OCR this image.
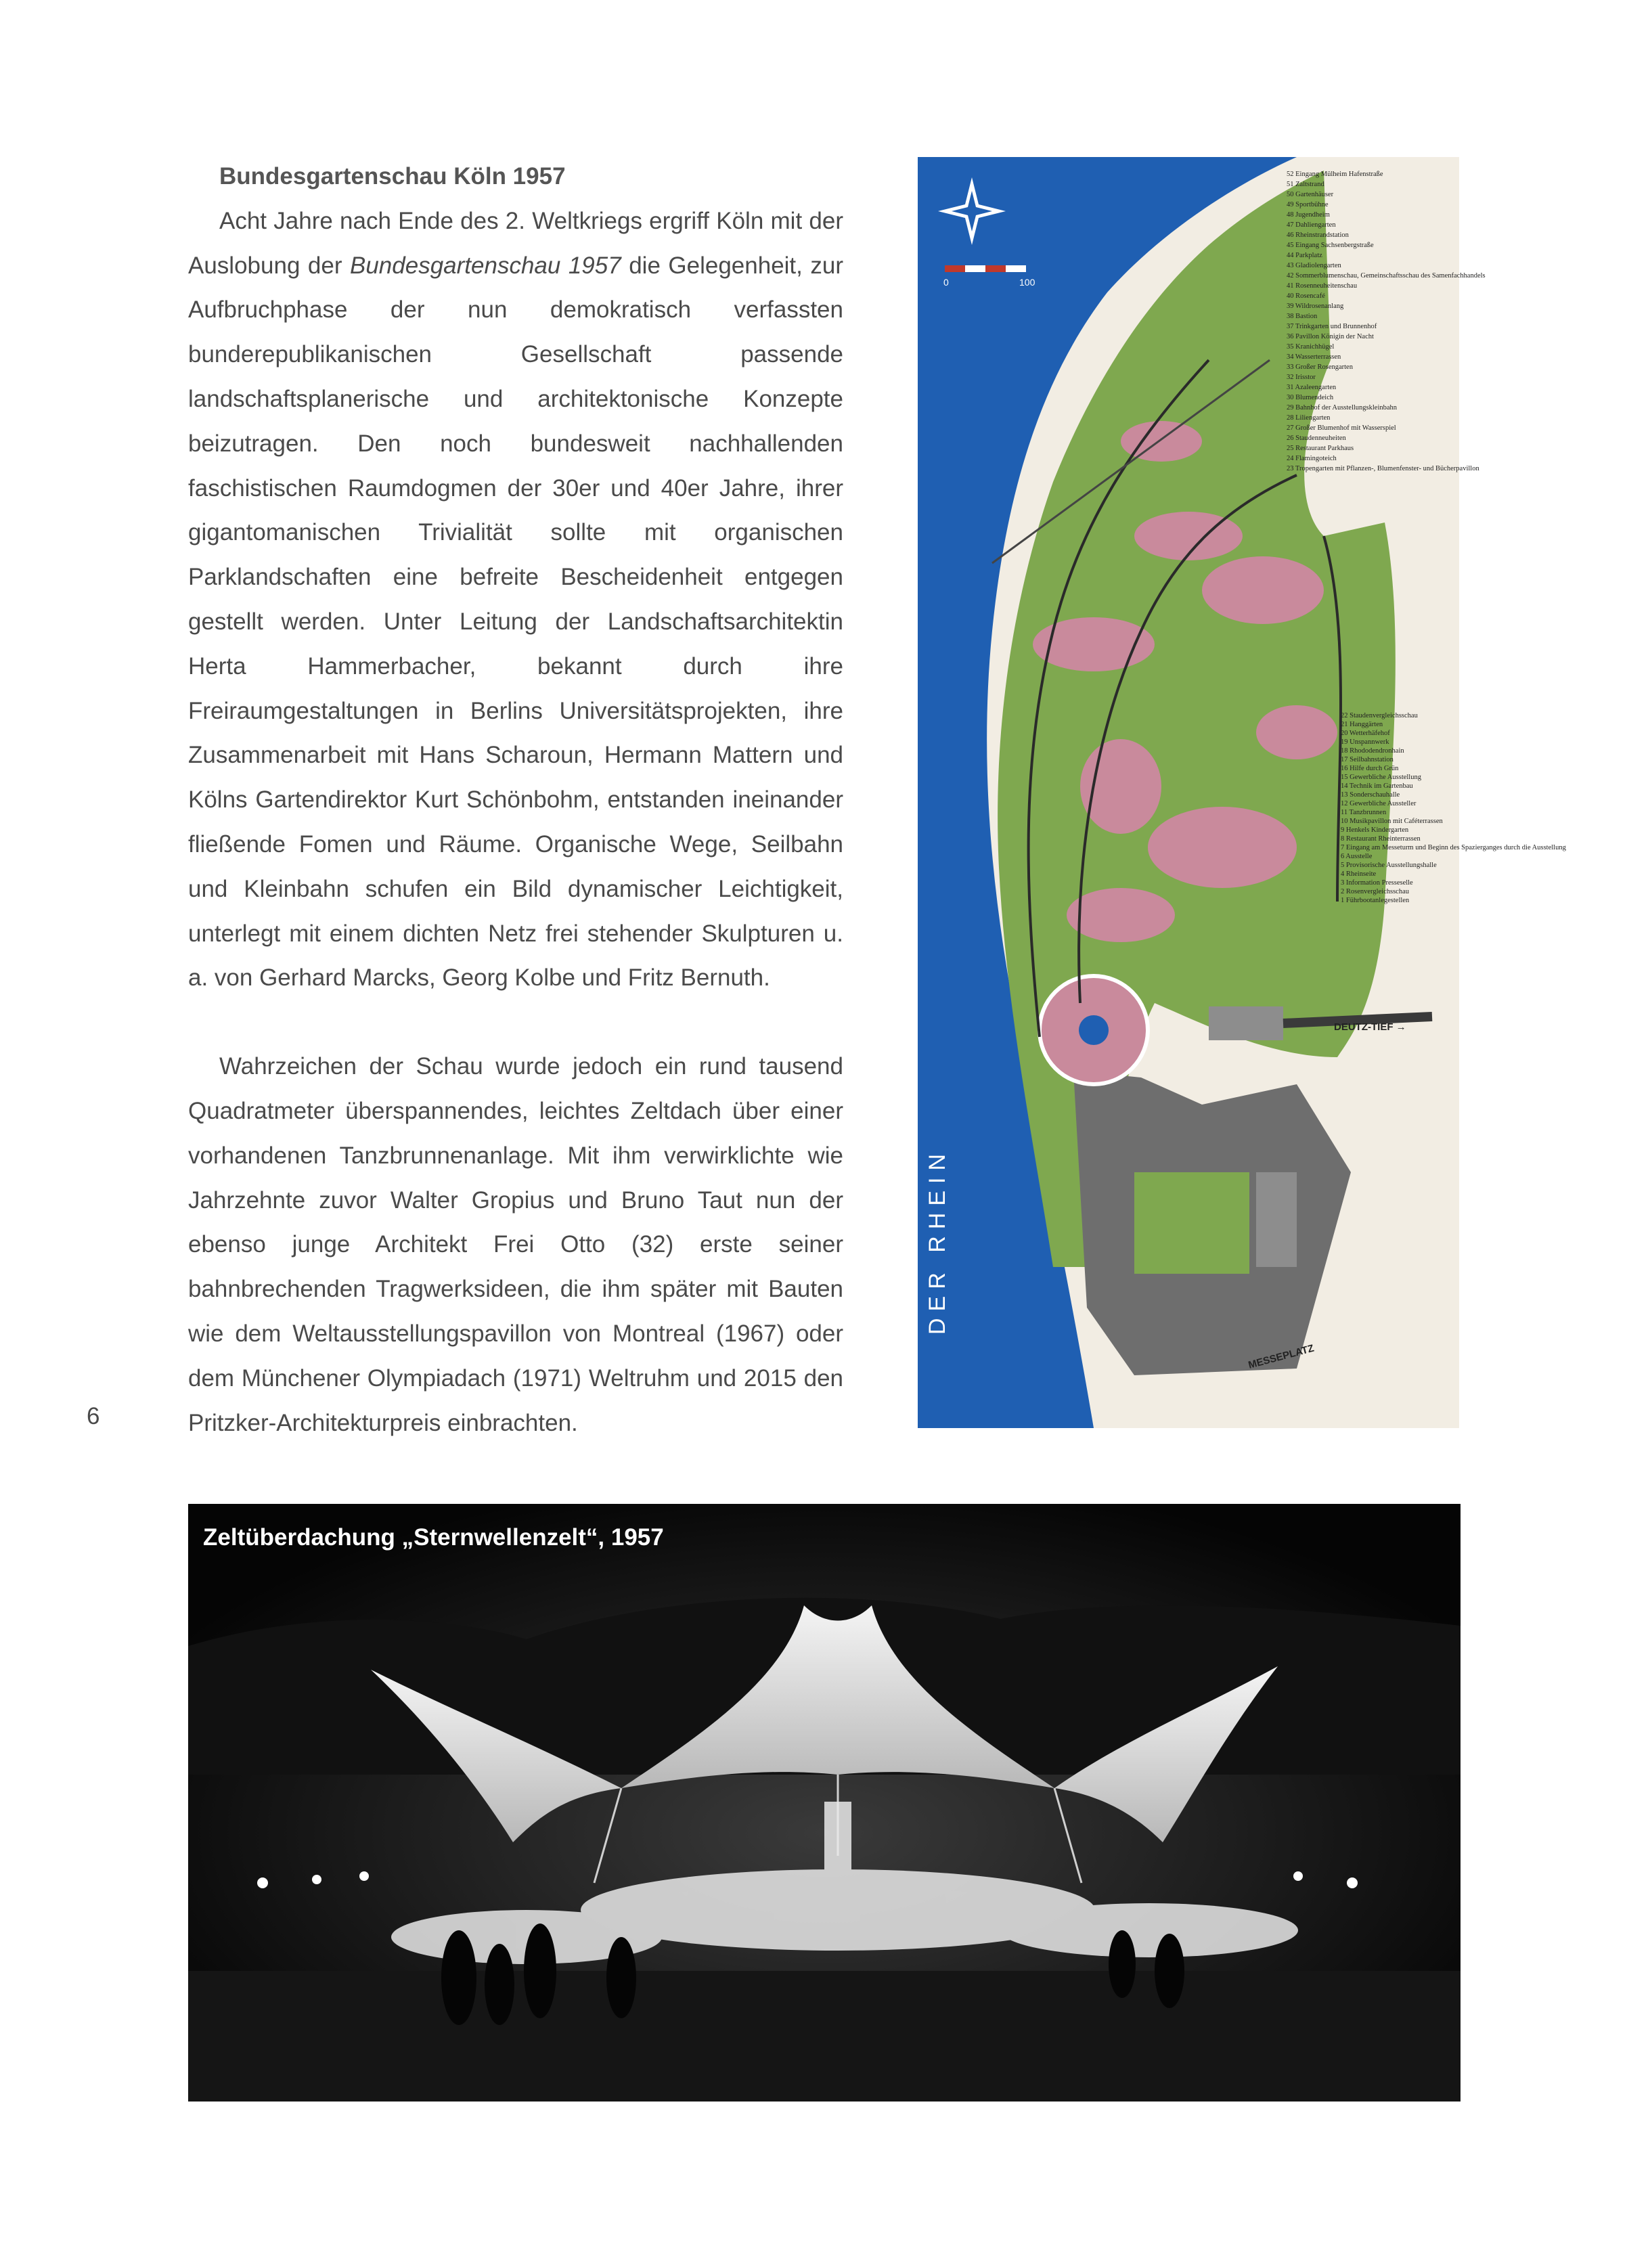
Bundesgartenschau Köln 1957

Acht Jahre nach Ende des 2. Weltkriegs ergriff Köln mit der Auslobung der Bundesgartenschau 1957 die Gelegenheit, zur Aufbruchphase der nun demokratisch verfassten bunderepublikanischen Gesellschaft passende landschaftsplanerische und architektonische Konzepte beizutragen. Den noch bundesweit nachhallenden faschistischen Raumdogmen der 30er und 40er Jahre, ihrer gigantomanischen Trivialität sollte mit organischen Parklandschaften eine befreite Bescheidenheit entgegen gestellt werden. Unter Leitung der Landschaftsarchitektin Herta Hammerbacher, bekannt durch ihre Freiraumgestaltungen in Berlins Universitätsprojekten, ihre Zusammenarbeit mit Hans Scharoun, Hermann Mattern und Kölns Gartendirektor Kurt Schönbohm, entstanden ineinander fließende Fomen und Räume. Organische Wege, Seilbahn und Kleinbahn schufen ein Bild dynamischer Leichtigkeit, unterlegt mit einem dichten Netz frei stehender Skulpturen u. a. von Gerhard Marcks, Georg Kolbe und Fritz Bernuth.

Wahrzeichen der Schau wurde jedoch ein rund tausend Quadratmeter überspannendes, leichtes Zeltdach über einer vorhandenen Tanzbrunnenanlage. Mit ihm verwirklichte wie Jahrzehnte zuvor Walter Gropius und Bruno Taut nun der ebenso junge Architekt Frei Otto (32) erste seiner bahnbrechenden Tragwerksideen, die ihm später mit Bauten wie dem Weltausstellungspavillon von Montreal (1967) oder dem Münchener Olympiadach (1971) Weltruhm und 2015 den Pritzker-Architekturpreis einbrachten.

6
0	100
DER RHEIN
DEUTZ-TIEF →
MESSEPLATZ
52 Eingang Mülheim Hafenstraße
51 Zaltstrand
50 Gartenhäuser
49 Sportbühne
48 Jugendheim
47 Dahliengarten
46 Rheinstrandstation
45 Eingang Sachsenbergstraße
44 Parkplatz
43 Gladiolengarten
42 Sommerblumenschau, Gemeinschaftsschau des Samenfachhandels
41 Rosenneuheitenschau
40 Rosencafé
39 Wildrosenanlang
38 Bastion
37 Trinkgarten und Brunnenhof
36 Pavillon Königin der Nacht
35 Kranichhügel
34 Wasserterrassen
33 Großer Rosengarten
32 Irisstor
31 Azaleengarten
30 Blumendeich
29 Bahnhof der Ausstellungskleinbahn
28 Liliengarten
27 Großer Blumenhof mit Wasserspiel
26 Staudenneuheiten
25 Restaurant Parkhaus
24 Flamingoteich
23 Tropengarten mit Pflanzen-, Blumenfenster- und Bücherpavillon
22 Staudenvergleichsschau
21 Hanggärten
20 Wetterhäfehof
19 Unspannwerk
18 Rhododendronhain
17 Seilbahnstation
16 Hilfe durch Grün
15 Gewerbliche Ausstellung
14 Technik im Gartenbau
13 Sonderschauhalle
12 Gewerbliche Aussteller
11 Tanzbrunnen
10 Musikpavillon mit Caféterrassen
9 Henkels Kindergarten
8 Restaurant Rheinterrassen
7 Eingang am Messeturm und Beginn des Spazierganges durch die Ausstellung
6 Ausstelle
5 Provisorische Ausstellungshalle
4 Rheinseite
3 Information Presseselle
2 Rosenvergleichsschau
1 Führbootanlegestellen
Zeltüberdachung „Sternwellenzelt“, 1957
